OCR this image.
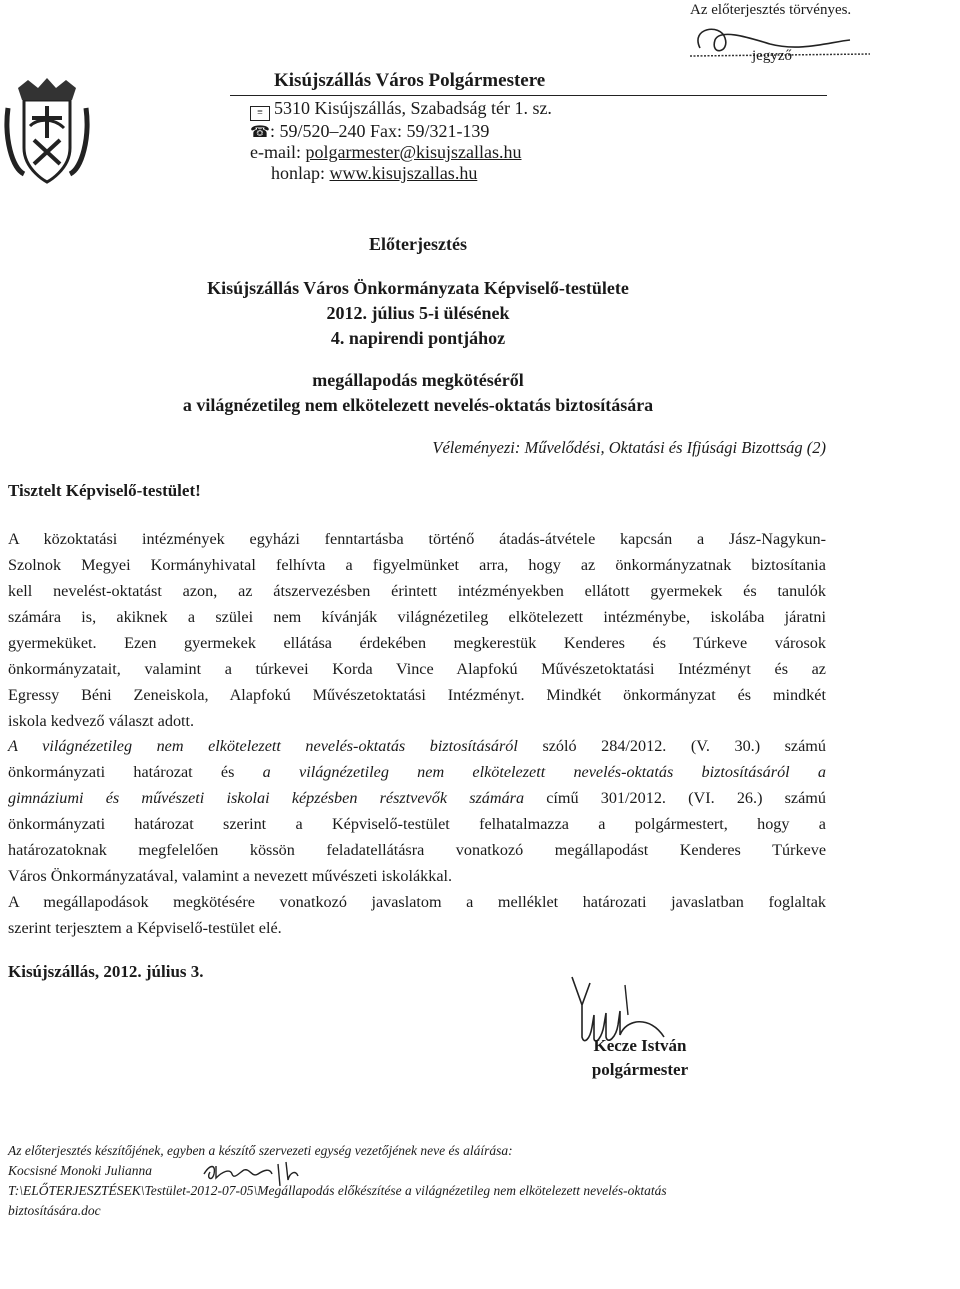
Az előterjesztés törvényes.
jegyző
Kisújszállás Város Polgármestere
≡ 5310 Kisújszállás, Szabadság tér 1. sz.
☎: 59/520–240 Fax: 59/321-139
e-mail: polgarmester@kisujszallas.hu
honlap: www.kisujszallas.hu
Előterjesztés
Kisújszállás Város Önkormányzata Képviselő-testülete
2012. július 5-i ülésének
4. napirendi pontjához
megállapodás megkötéséről
a világnézetileg nem elkötelezett nevelés-oktatás biztosítására
Véleményezi: Művelődési, Oktatási és Ifjúsági Bizottság (2)
Tisztelt Képviselő-testület!
A közoktatási intézmények egyházi fenntartásba történő átadás-átvétele kapcsán a Jász-Nagykun-
Szolnok Megyei Kormányhivatal felhívta a figyelmünket arra, hogy az önkormányzatnak biztosítania
kell nevelést-oktatást azon, az átszervezésben érintett intézményekben ellátott gyermekek és tanulók
számára is, akiknek a szülei nem kívánják világnézetileg elkötelezett intézménybe, iskolába járatni
gyermeküket. Ezen gyermekek ellátása érdekében megkerestük Kenderes és Túrkeve városok
önkormányzatait, valamint a túrkevei Korda Vince Alapfokú Művészetoktatási Intézményt és az
Egressy Béni Zeneiskola, Alapfokú Művészetoktatási Intézményt. Mindkét önkormányzat és mindkét
iskola kedvező választ adott.
A világnézetileg nem elkötelezett nevelés-oktatás biztosításáról szóló 284/2012. (V. 30.) számú
önkormányzati határozat és a világnézetileg nem elkötelezett nevelés-oktatás biztosításáról a
gimnáziumi és művészeti iskolai képzésben résztvevők számára című 301/2012. (VI. 26.) számú
önkormányzati határozat szerint a Képviselő-testület felhatalmazza a polgármestert, hogy a
határozatoknak megfelelően kössön feladatellátásra vonatkozó megállapodást Kenderes Túrkeve
Város Önkormányzatával, valamint a nevezett művészeti iskolákkal.
A megállapodások megkötésére vonatkozó javaslatom a melléklet határozati javaslatban foglaltak
szerint terjesztem a Képviselő-testület elé.
Kisújszállás, 2012. július 3.
Kecze István
polgármester
Az előterjesztés készítőjének, egyben a készítő szervezeti egység vezetőjének neve és aláírása:
Kocsisné Monoki Julianna
T:\ELŐTERJESZTÉSEK\Testület-2012-07-05\Megállapodás előkészítése a világnézetileg nem elkötelezett nevelés-oktatás
biztosítására.doc
